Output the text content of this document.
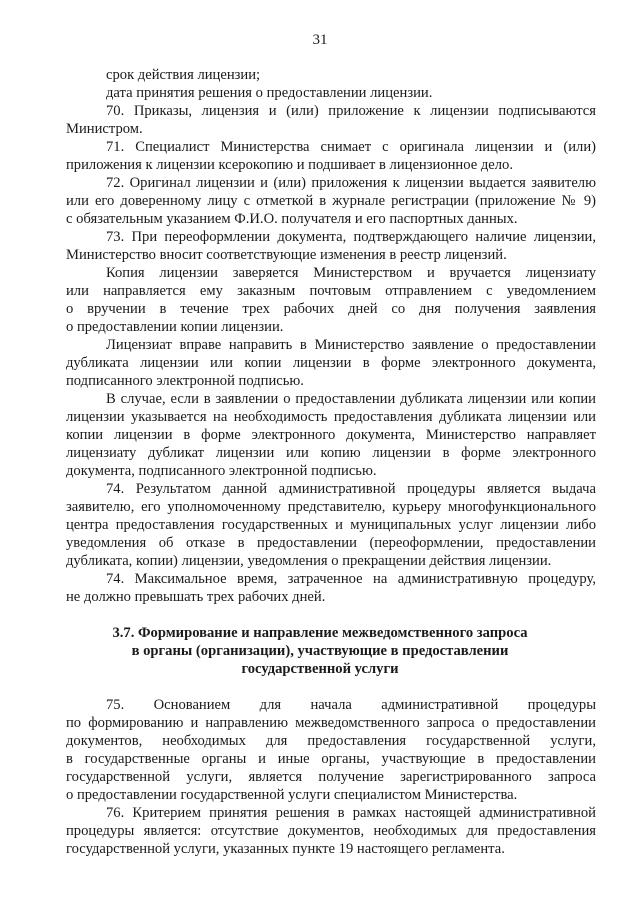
31
срок действия лицензии;
дата принятия решения о предоставлении лицензии.
70. Приказы, лицензия и (или) приложение к лицензии подписываются
Министром.
71. Специалист Министерства снимает с оригинала лицензии и (или)
приложения к лицензии ксерокопию и подшивает в лицензионное дело.
72. Оригинал лицензии и (или) приложения к лицензии выдается заявителю
или его доверенному лицу с отметкой в журнале регистрации (приложение № 9)
с обязательным указанием Ф.И.О. получателя и его паспортных данных.
73. При переоформлении документа, подтверждающего наличие лицензии,
Министерство вносит соответствующие изменения в реестр лицензий.
Копия лицензии заверяется Министерством и вручается лицензиату
или направляется ему заказным почтовым отправлением с уведомлением
о вручении в течение трех рабочих дней со дня получения заявления
о предоставлении копии лицензии.
Лицензиат вправе направить в Министерство заявление о предоставлении
дубликата лицензии или копии лицензии в форме электронного документа,
подписанного электронной подписью.
В случае, если в заявлении о предоставлении дубликата лицензии или копии
лицензии указывается на необходимость предоставления дубликата лицензии или
копии лицензии в форме электронного документа, Министерство направляет
лицензиату дубликат лицензии или копию лицензии в форме электронного
документа, подписанного электронной подписью.
74. Результатом данной административной процедуры является выдача
заявителю, его уполномоченному представителю, курьеру многофункционального
центра предоставления государственных и муниципальных услуг лицензии либо
уведомления об отказе в предоставлении (переоформлении, предоставлении
дубликата, копии) лицензии, уведомления о прекращении действия лицензии.
74. Максимальное время, затраченное на административную процедуру,
не должно превышать трех рабочих дней.
3.7. Формирование и направление межведомственного запроса
в органы (организации), участвующие в предоставлении
государственной услуги
75. Основанием для начала административной процедуры
по формированию и направлению межведомственного запроса о предоставлении
документов, необходимых для предоставления государственной услуги,
в государственные органы и иные органы, участвующие в предоставлении
государственной услуги, является получение зарегистрированного запроса
о предоставлении государственной услуги специалистом Министерства.
76. Критерием принятия решения в рамках настоящей административной
процедуры является: отсутствие документов, необходимых для предоставления
государственной услуги, указанных пункте 19 настоящего регламента.
